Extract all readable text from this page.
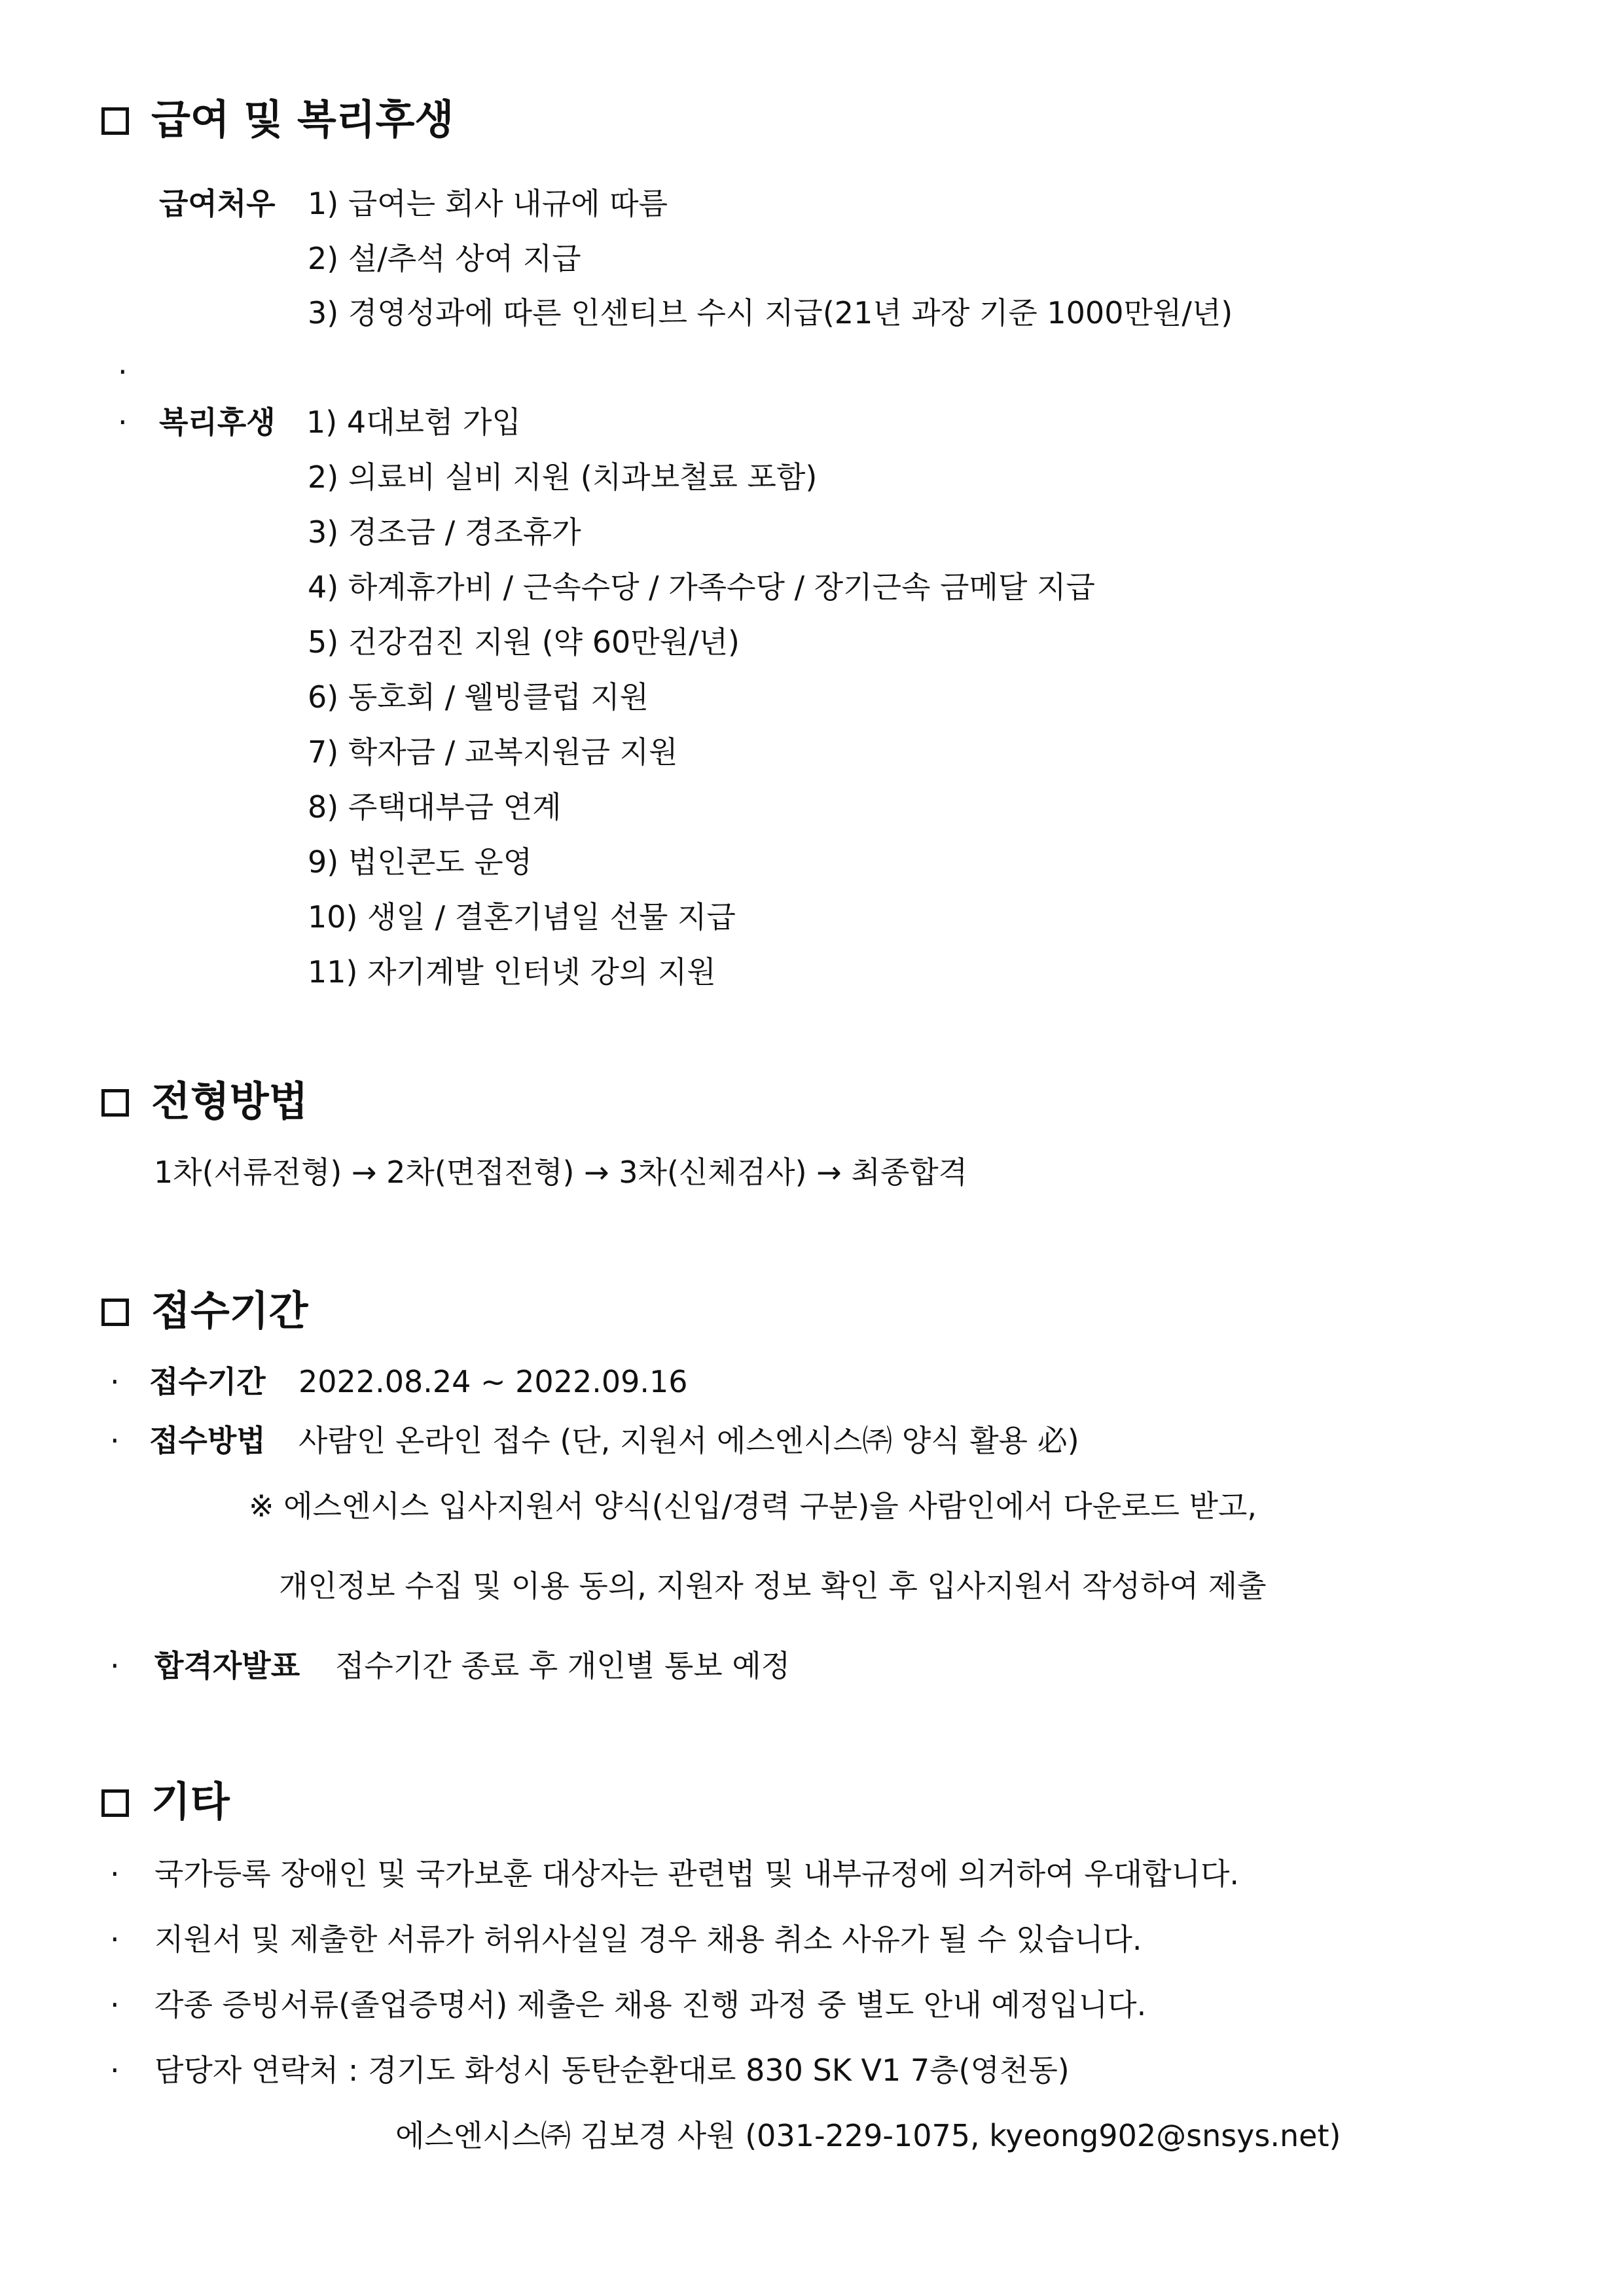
급여 및 복리후생
급여처우 1) 급여는 회사 내규에 따름
2) 설/추석 상여 지급
3) 경영성과에 따른 인센티브 수시 지급(21년 과장 기준 1000만원/년)
.
· 복리후생 1) 4대보험 가입
2) 의료비 실비 지원 (치과보철료 포함)
3) 경조금 / 경조휴가
4) 하계휴가비 / 근속수당 / 가족수당 / 장기근속 금메달 지급
5) 건강검진 지원 (약 60만원/년)
6) 동호회 / 웰빙클럽 지원
7) 학자금 / 교복지원금 지원
8) 주택대부금 연계
9) 법인콘도 운영
10) 생일 / 결혼기념일 선물 지급
11) 자기계발 인터넷 강의 지원
전형방법
1차(서류전형) → 2차(면접전형) → 3차(신체검사) → 최종합격
접수기간
· 접수기간 2022.08.24 ~ 2022.09.16
· 접수방법 사람인 온라인 접수 (단, 지원서 에스엔시스㈜ 양식 활용 必)
※ 에스엔시스 입사지원서 양식(신입/경력 구분)을 사람인에서 다운로드 받고,
개인정보 수집 및 이용 동의, 지원자 정보 확인 후 입사지원서 작성하여 제출
· 합격자발표 접수기간 종료 후 개인별 통보 예정
기타
· 국가등록 장애인 및 국가보훈 대상자는 관련법 및 내부규정에 의거하여 우대합니다.
· 지원서 및 제출한 서류가 허위사실일 경우 채용 취소 사유가 될 수 있습니다.
· 각종 증빙서류(졸업증명서) 제출은 채용 진행 과정 중 별도 안내 예정입니다.
· 담당자 연락처 : 경기도 화성시 동탄순환대로 830 SK V1 7층(영천동)
에스엔시스㈜ 김보경 사원 (031-229-1075, kyeong902@snsys.net)
